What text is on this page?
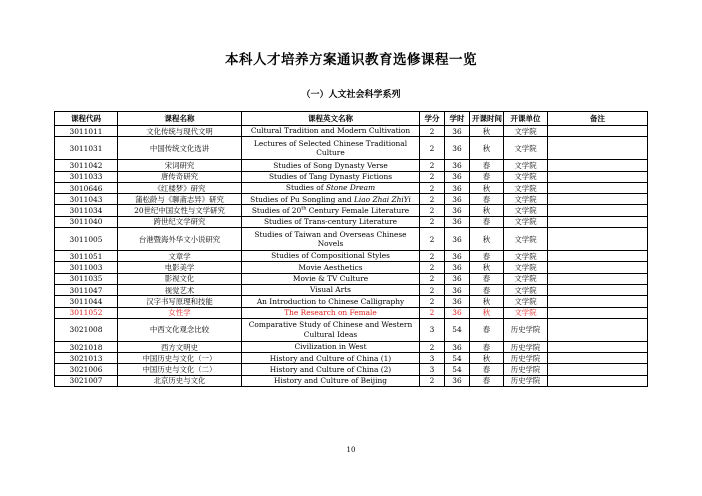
本科人才培养方案通识教育选修课程一览
（一）人文社会科学系列
课程代码	课程名称	课程英文名称	学分	学时	开课时间	开课单位	备注
3011011	文化传统与现代文明	Cultural Tradition and Modern Cultivation	2	36	秋	文学院	
3011031	中国传统文化选讲	Lectures of Selected Chinese Traditional Culture	2	36	秋	文学院	
3011042	宋词研究	Studies of Song Dynasty Verse	2	36	春	文学院	
3011033	唐传奇研究	Studies of Tang Dynasty Fictions	2	36	春	文学院	
3010646	《红楼梦》研究	Studies of Stone Dream	2	36	秋	文学院	
3011043	蒲松龄与《聊斋志异》研究	Studies of Pu Songling and Liao Zhai ZhiYi	2	36	春	文学院	
3011034	20世纪中国女性与文学研究	Studies of 20th Century Female Literature	2	36	秋	文学院	
3011040	跨世纪文学研究	Studies of Trans-century Literature	2	36	春	文学院	
3011005	台港暨海外华文小说研究	Studies of Taiwan and Overseas Chinese Novels	2	36	秋	文学院	
3011051	文章学	Studies of Compositional Styles	2	36	春	文学院	
3011003	电影美学	Movie Aesthetics	2	36	秋	文学院	
3011035	影视文化	Movie & TV Culture	2	36	春	文学院	
3011047	视觉艺术	Visual Arts	2	36	春	文学院	
3011044	汉字书写原理和技能	An Introduction to Chinese Calligraphy	2	36	秋	文学院	
3011052	女性学	The Research on Female	2	36	秋	文学院	
3021008	中西文化观念比较	Comparative Study of Chinese and Western Cultural Ideas	3	54	春	历史学院	
3021018	西方文明史	Civilization in West	2	36	春	历史学院	
3021013	中国历史与文化（一）	History and Culture of China (1)	3	54	秋	历史学院	
3021006	中国历史与文化（二）	History and Culture of China (2)	3	54	春	历史学院	
3021007	北京历史与文化	History and Culture of Beijing	2	36	春	历史学院	
10
